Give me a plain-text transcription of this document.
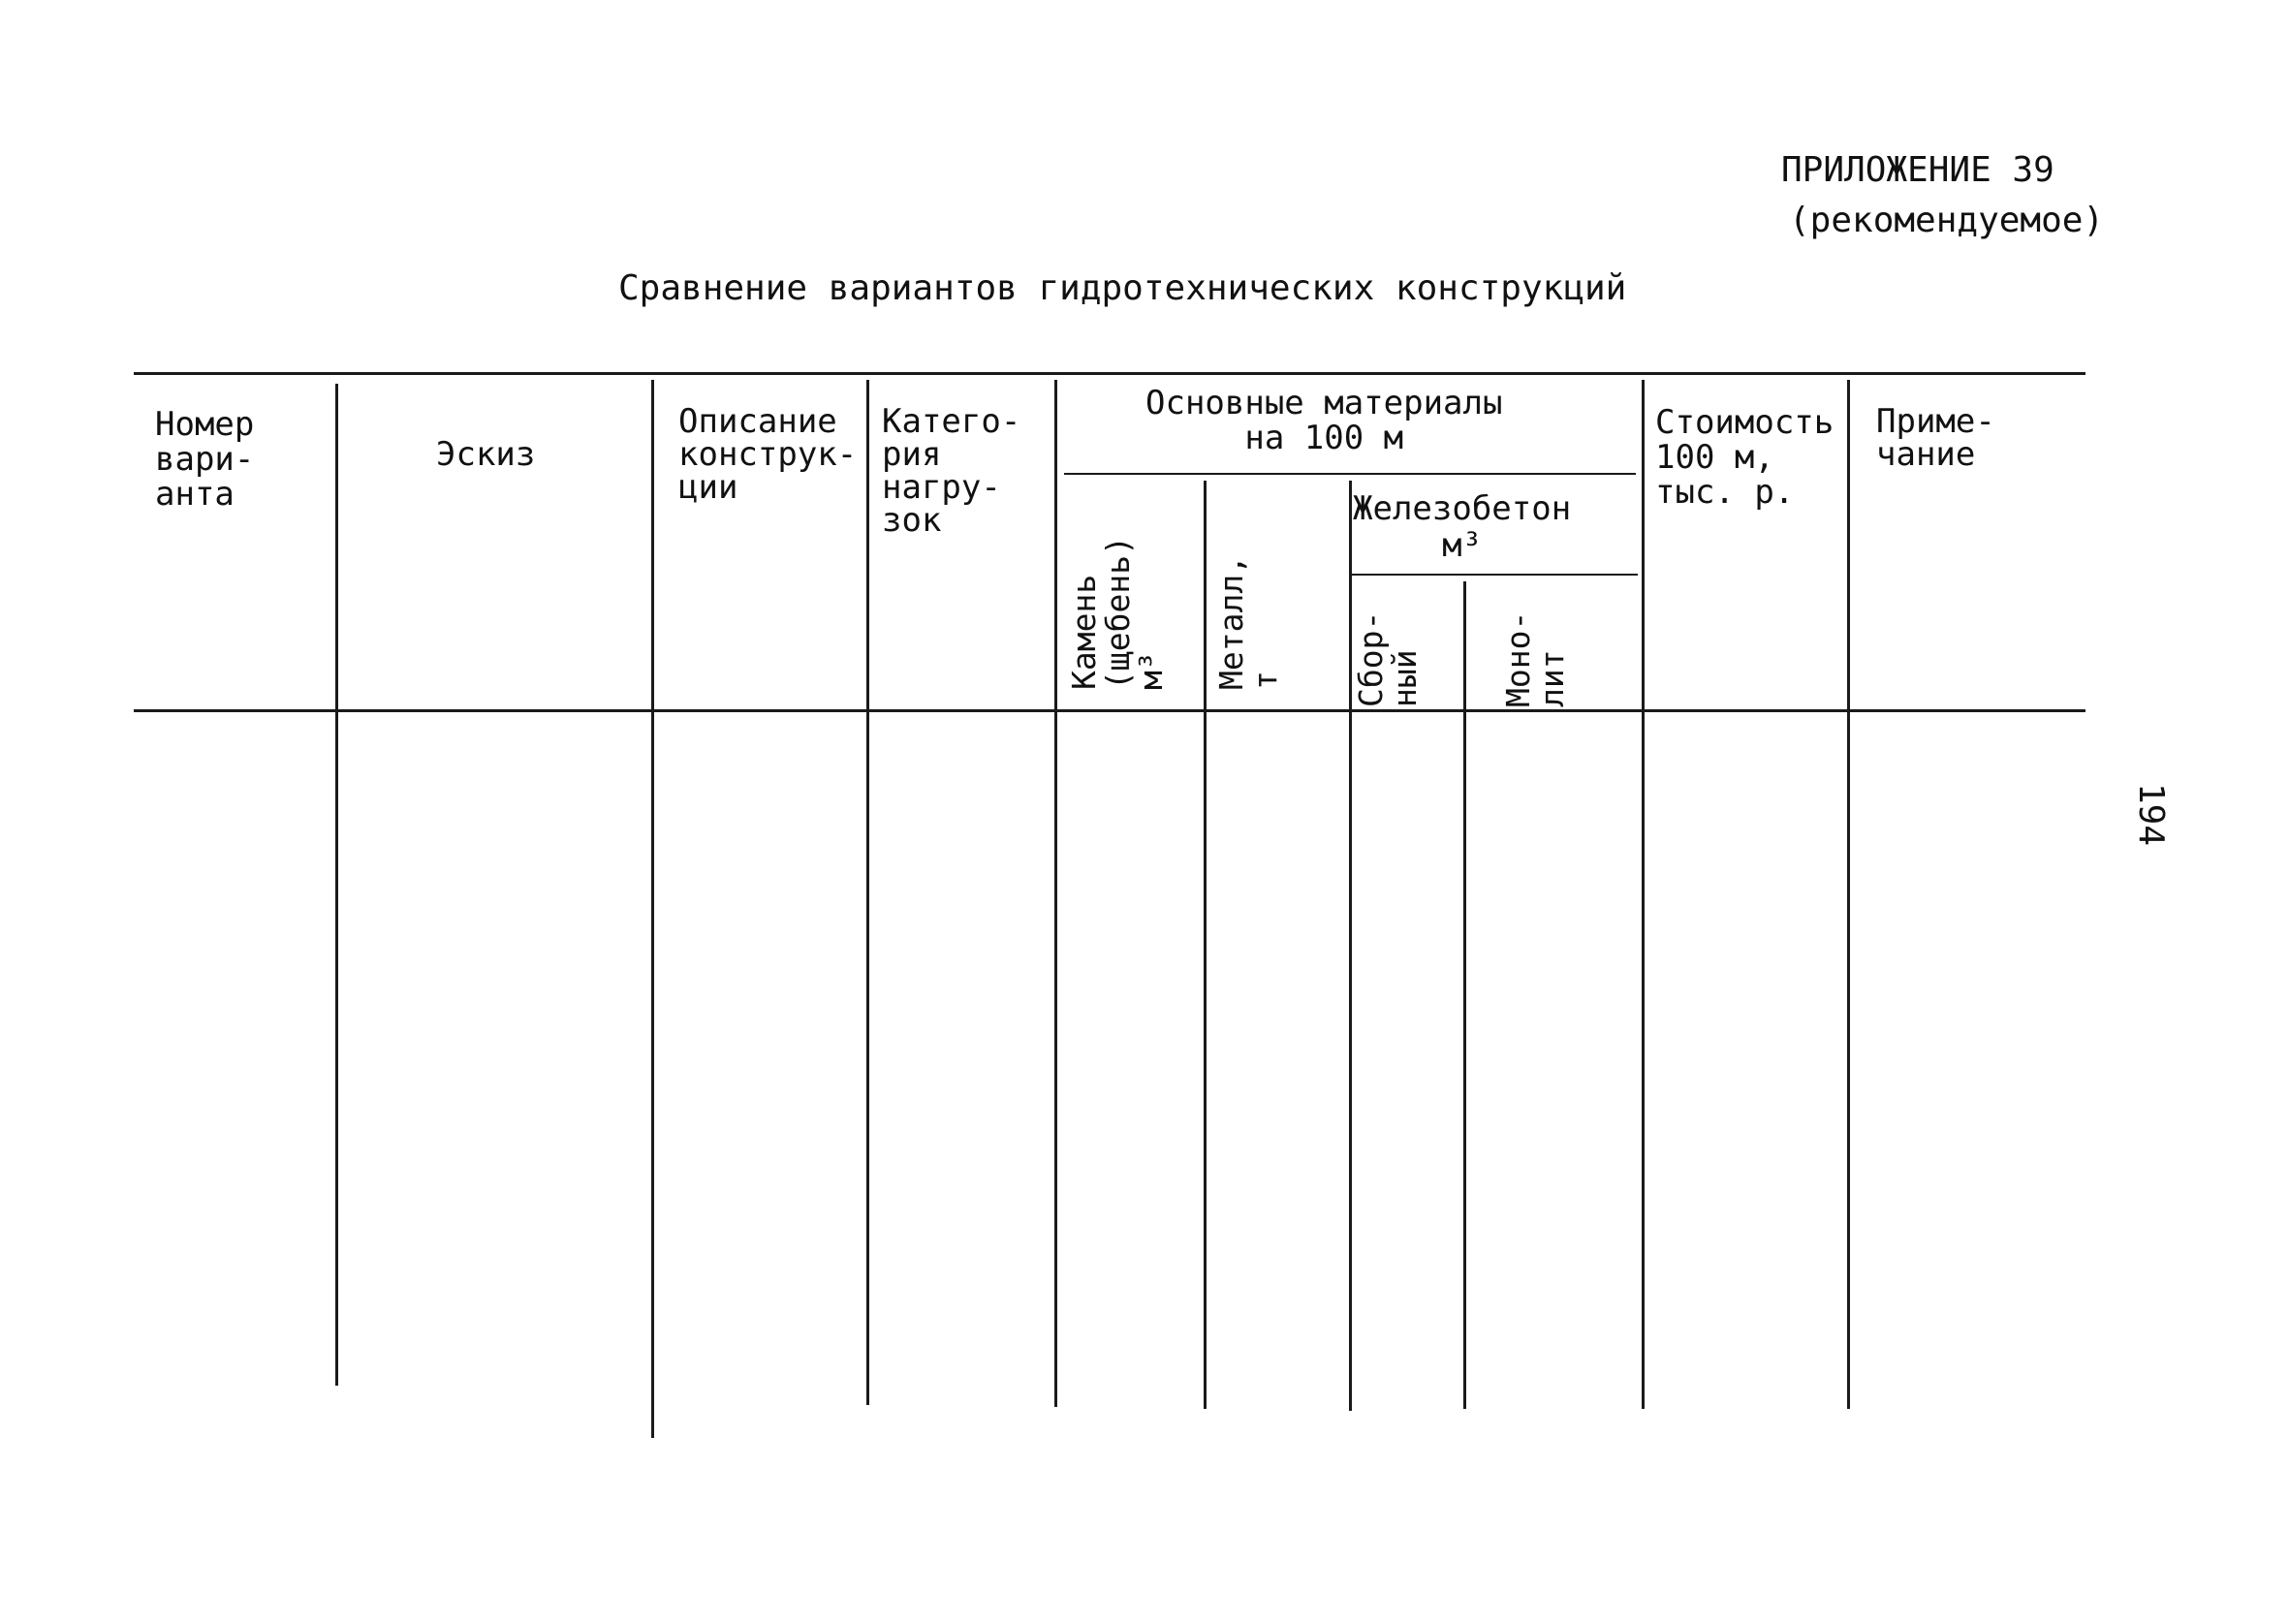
ПРИЛОЖЕНИЕ 39
(рекомендуемое)
Сравнение вариантов гидротехнических конструкций
194
Номер
вари-
анта
Эскиз
Описание
конструк-
ции
Катего-
рия
нагру-
зок
Основные материалы
на 100 м
Железобетон
м³
Стоимость
100 м,
тыс. р.
Приме-
чание
Камень
(щебень)
м³ Металл,
т Сбор-
ный Моно-
лит
